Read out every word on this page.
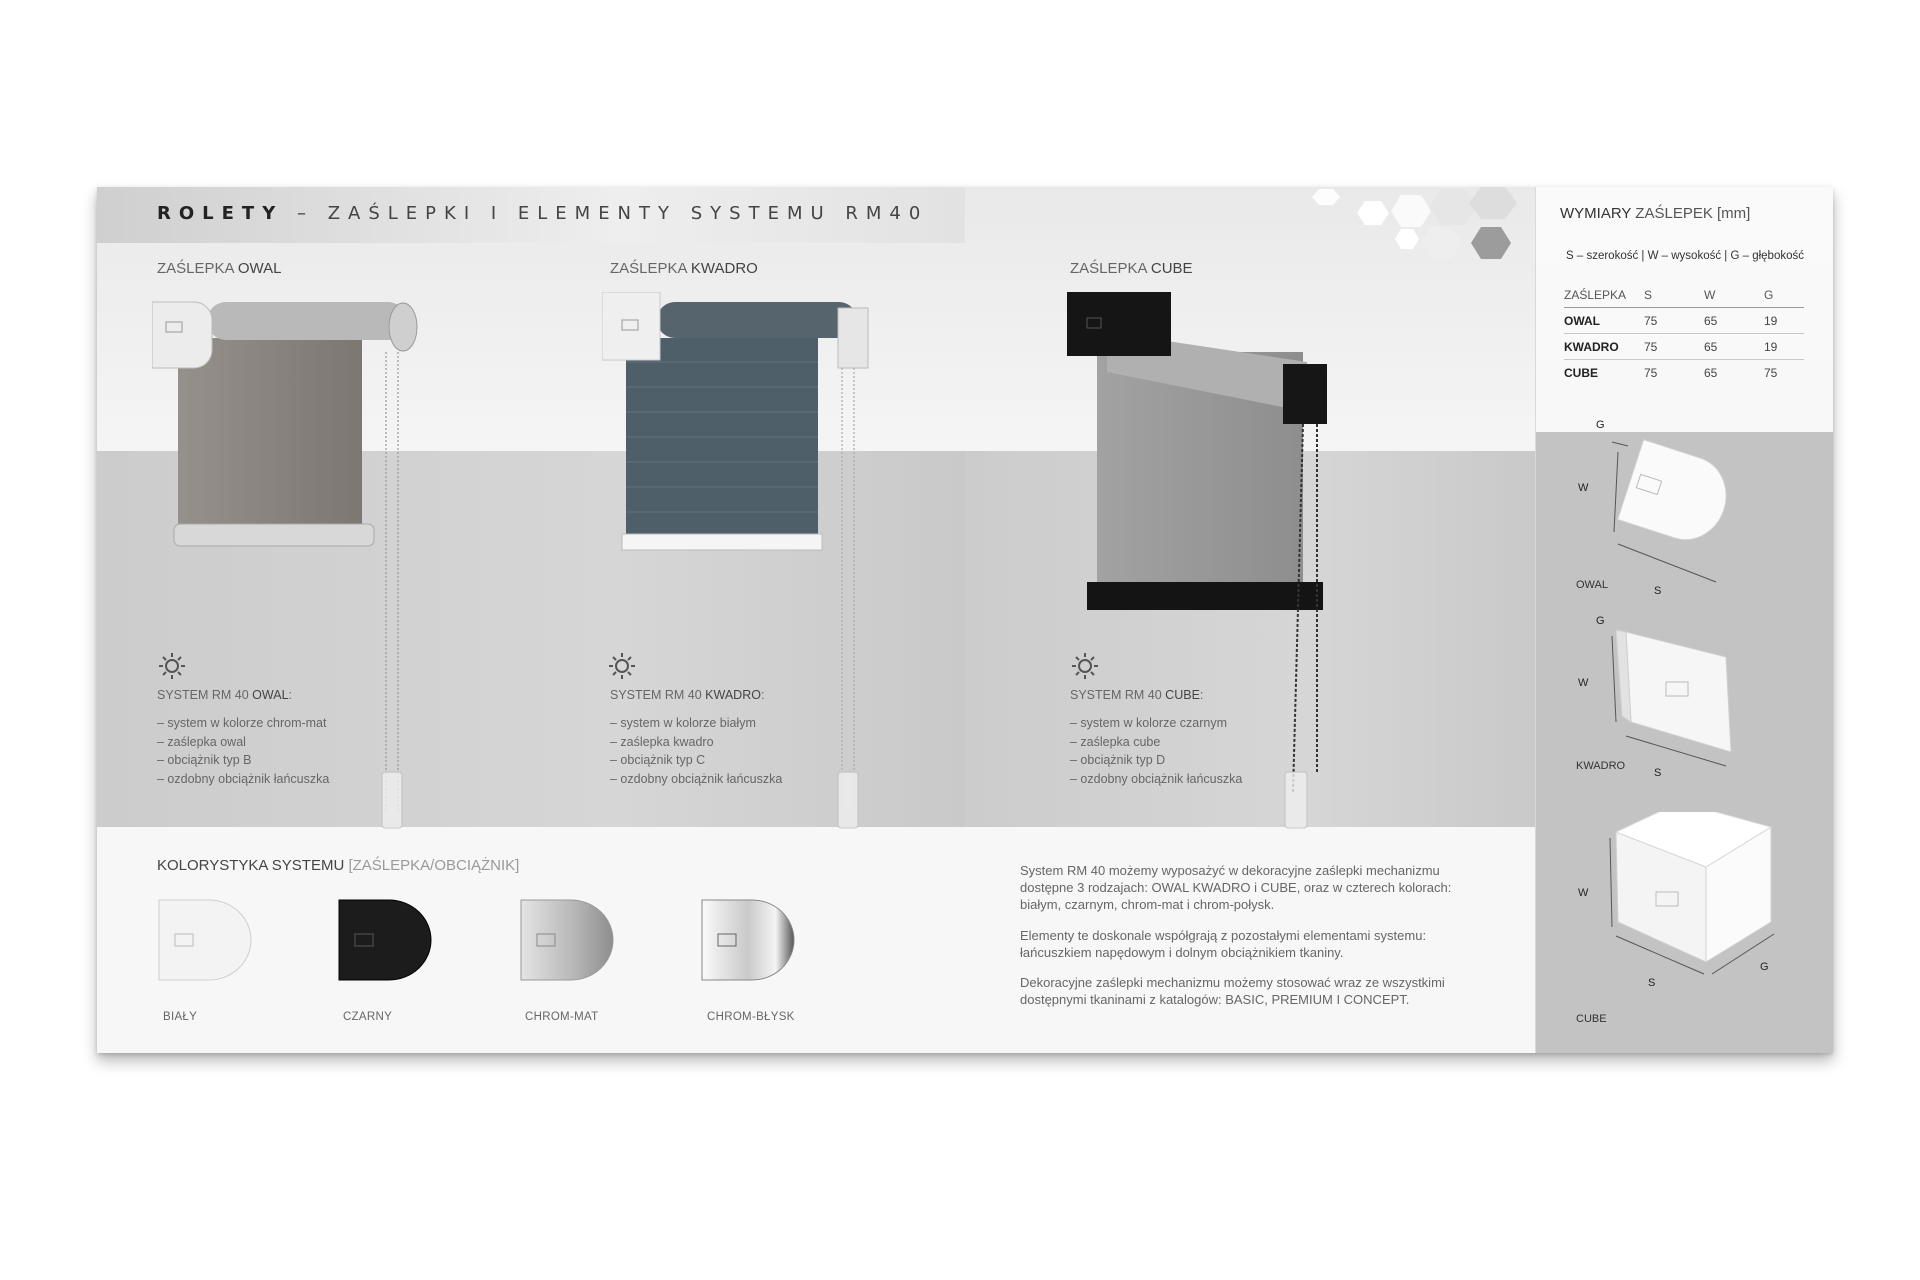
ROLETY – ZAŚLEPKI I ELEMENTY SYSTEMU RM40
ZAŚLEPKA OWAL
SYSTEM RM 40 OWAL:
– system w kolorze chrom-mat
– zaślepka owal
– obciążnik typ B
– ozdobny obciążnik łańcuszka
ZAŚLEPKA KWADRO
SYSTEM RM 40 KWADRO:
– system w kolorze białym
– zaślepka kwadro
– obciążnik typ C
– ozdobny obciążnik łańcuszka
KOLORYSTYKA SYSTEMU [ZAŚLEPKA/OBCIĄŻNIK]
BIAŁY	CZARNY	CHROM-MAT	CHROM-BŁYSK
ZAŚLEPKA CUBE
SYSTEM RM 40 CUBE:
– system w kolorze czarnym
– zaślepka cube
– obciążnik typ D
– ozdobny obciążnik łańcuszka
System RM 40 możemy wyposażyć w dekoracyjne zaślepki mechanizmu dostępne 3 rodzajach: OWAL KWADRO i CUBE, oraz w czterech kolorach: białym, czarnym, chrom-mat i chrom-połysk.
Elementy te doskonale współgrają z pozostałymi elementami systemu: łańcuszkiem napędowym i dolnym obciążnikiem tkaniny.
Dekoracyjne zaślepki mechanizmu możemy stosować wraz ze wszystkimi dostępnymi tkaninami z katalogów: BASIC, PREMIUM I CONCEPT.
WYMIARY ZAŚLEPEK [mm]
S – szerokość | W – wysokość | G – głębokość
ZAŚLEPKA	S	W	G
OWAL	75	65	19
KWADRO	75	65	19
CUBE	75	65	75
G
W
S
OWAL
G
W
S
KWADRO
W
S
G
CUBE
